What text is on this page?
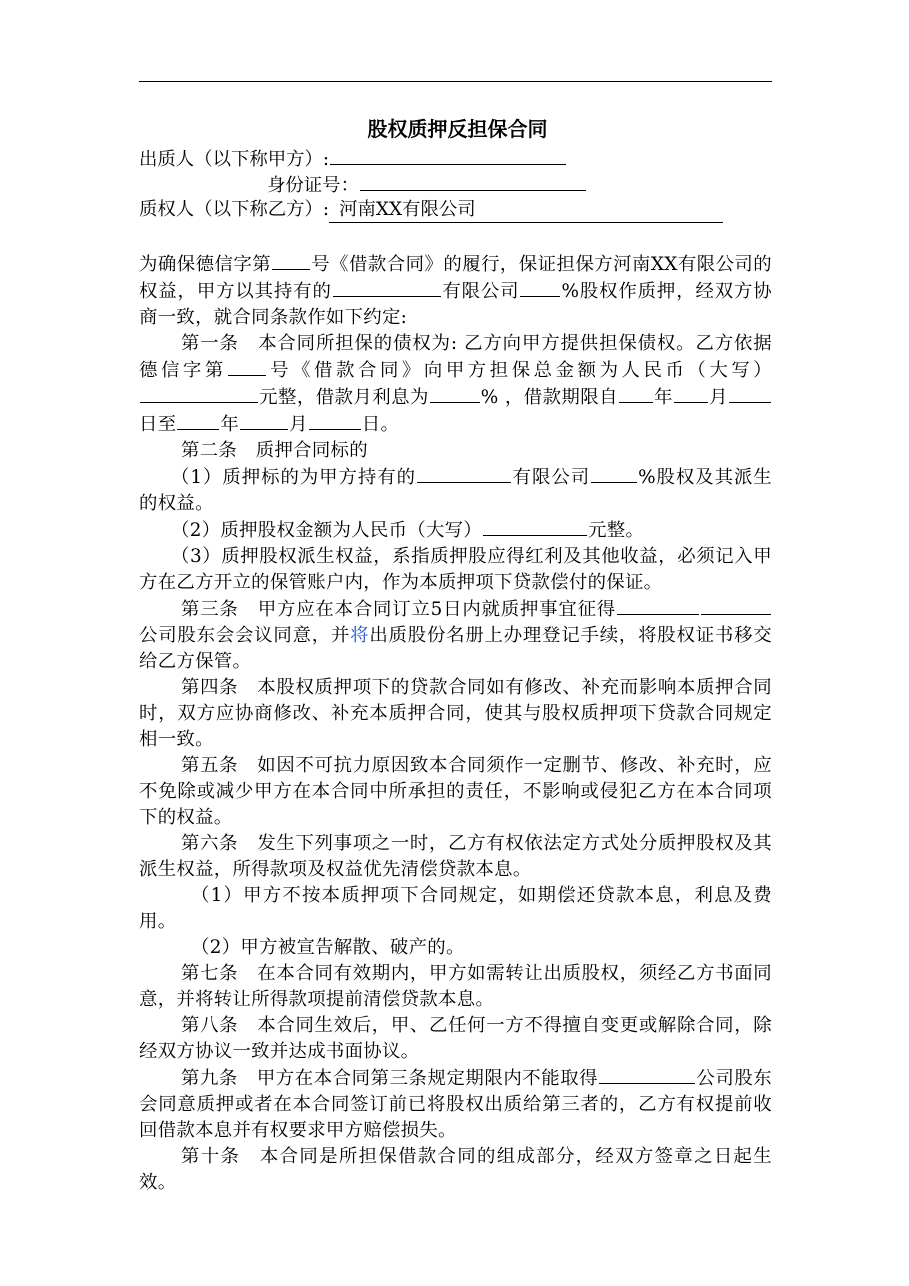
股权质押反担保合同
出质人（以下称甲方）:
身份证号：
质权人（以下称乙方）: 河南XX有限公司

为确保德信字第 号《借款合同》的履行，保证担保方河南XX有限公司的权益，甲方以其持有的	有限公司 %股权作质押，经双方协商一致，就合同条款作如下约定:

第一条　本合同所担保的债权为: 乙方向甲方提供担保债权。乙方依据德信字第 号《借款合同》向甲方担保总金额为人民币（大写）元整，借款月利息为	% ，借款期限自 年 月日至 年	月	日。

第二条　质押合同标的

（1）质押标的为甲方持有的	有限公司	%股权及其派生的权益。

（2）质押股权金额为人民币（大写）	元整。

（3）质押股权派生权益，系指质押股应得红利及其他收益，必须记入甲方在乙方开立的保管账户内，作为本质押项下贷款偿付的保证。

第三条　甲方应在本合同订立5日内就质押事宜征得公司股东会会议同意，并将出质股份名册上办理登记手续，将股权证书移交给乙方保管。

第四条　本股权质押项下的贷款合同如有修改、补充而影响本质押合同时，双方应协商修改、补充本质押合同，使其与股权质押项下贷款合同规定相一致。

第五条　如因不可抗力原因致本合同须作一定删节、修改、补充时，应不免除或减少甲方在本合同中所承担的责任，不影响或侵犯乙方在本合同项下的权益。

第六条　发生下列事项之一时，乙方有权依法定方式处分质押股权及其派生权益，所得款项及权益优先清偿贷款本息。

（1）甲方不按本质押项下合同规定，如期偿还贷款本息，利息及费用。

（2）甲方被宣告解散、破产的。

第七条　在本合同有效期内，甲方如需转让出质股权，须经乙方书面同意，并将转让所得款项提前清偿贷款本息。

第八条　本合同生效后，甲、乙任何一方不得擅自变更或解除合同，除经双方协议一致并达成书面协议。

第九条　甲方在本合同第三条规定期限内不能取得	公司股东会同意质押或者在本合同签订前已将股权出质给第三者的，乙方有权提前收回借款本息并有权要求甲方赔偿损失。

第十条　本合同是所担保借款合同的组成部分，经双方签章之日起生效。
